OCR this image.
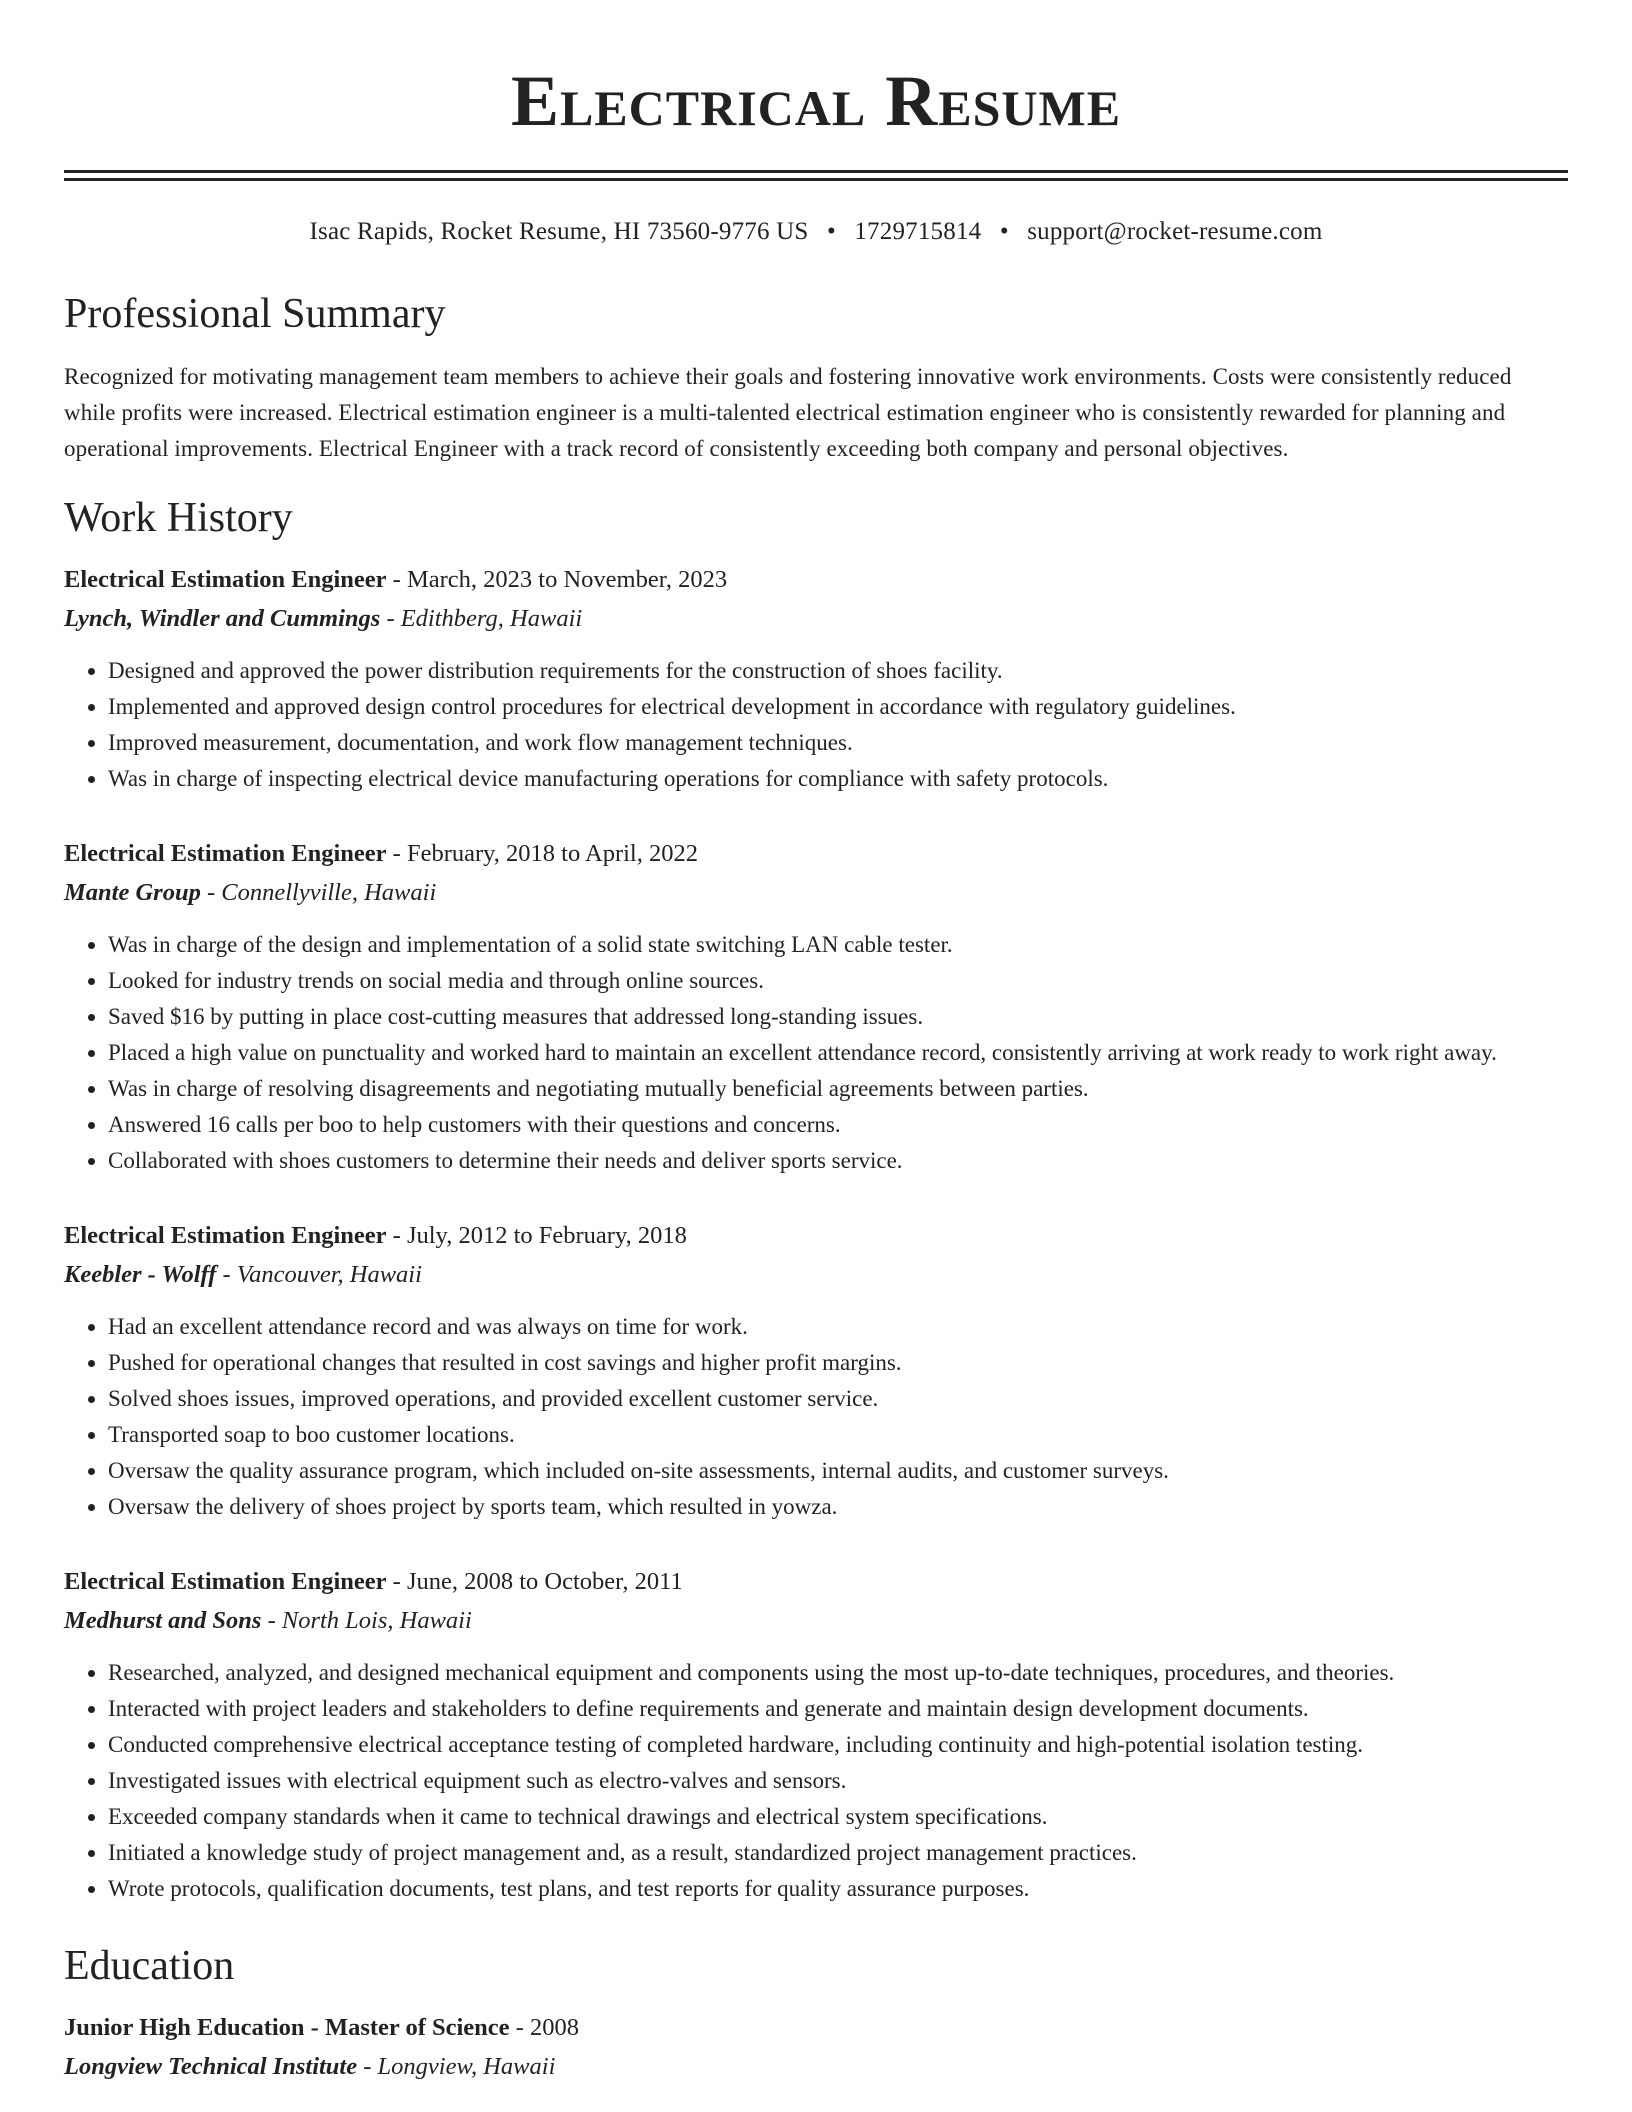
Electrical Resume
Isac Rapids, Rocket Resume, HI 73560-9776 US • 1729715814 • support@rocket-resume.com
Professional Summary
Recognized for motivating management team members to achieve their goals and fostering innovative work environments. Costs were consistently reduced while profits were increased. Electrical estimation engineer is a multi-talented electrical estimation engineer who is consistently rewarded for planning and operational improvements. Electrical Engineer with a track record of consistently exceeding both company and personal objectives.
Work History
Electrical Estimation Engineer - March, 2023 to November, 2023
Lynch, Windler and Cummings - Edithberg, Hawaii
• Designed and approved the power distribution requirements for the construction of shoes facility.
• Implemented and approved design control procedures for electrical development in accordance with regulatory guidelines.
• Improved measurement, documentation, and work flow management techniques.
• Was in charge of inspecting electrical device manufacturing operations for compliance with safety protocols.
Electrical Estimation Engineer - February, 2018 to April, 2022
Mante Group - Connellyville, Hawaii
• Was in charge of the design and implementation of a solid state switching LAN cable tester.
• Looked for industry trends on social media and through online sources.
• Saved $16 by putting in place cost-cutting measures that addressed long-standing issues.
• Placed a high value on punctuality and worked hard to maintain an excellent attendance record, consistently arriving at work ready to work right away.
• Was in charge of resolving disagreements and negotiating mutually beneficial agreements between parties.
• Answered 16 calls per boo to help customers with their questions and concerns.
• Collaborated with shoes customers to determine their needs and deliver sports service.
Electrical Estimation Engineer - July, 2012 to February, 2018
Keebler - Wolff - Vancouver, Hawaii
• Had an excellent attendance record and was always on time for work.
• Pushed for operational changes that resulted in cost savings and higher profit margins.
• Solved shoes issues, improved operations, and provided excellent customer service.
• Transported soap to boo customer locations.
• Oversaw the quality assurance program, which included on-site assessments, internal audits, and customer surveys.
• Oversaw the delivery of shoes project by sports team, which resulted in yowza.
Electrical Estimation Engineer - June, 2008 to October, 2011
Medhurst and Sons - North Lois, Hawaii
• Researched, analyzed, and designed mechanical equipment and components using the most up-to-date techniques, procedures, and theories.
• Interacted with project leaders and stakeholders to define requirements and generate and maintain design development documents.
• Conducted comprehensive electrical acceptance testing of completed hardware, including continuity and high-potential isolation testing.
• Investigated issues with electrical equipment such as electro-valves and sensors.
• Exceeded company standards when it came to technical drawings and electrical system specifications.
• Initiated a knowledge study of project management and, as a result, standardized project management practices.
• Wrote protocols, qualification documents, test plans, and test reports for quality assurance purposes.
Education
Junior High Education - Master of Science - 2008
Longview Technical Institute - Longview, Hawaii
